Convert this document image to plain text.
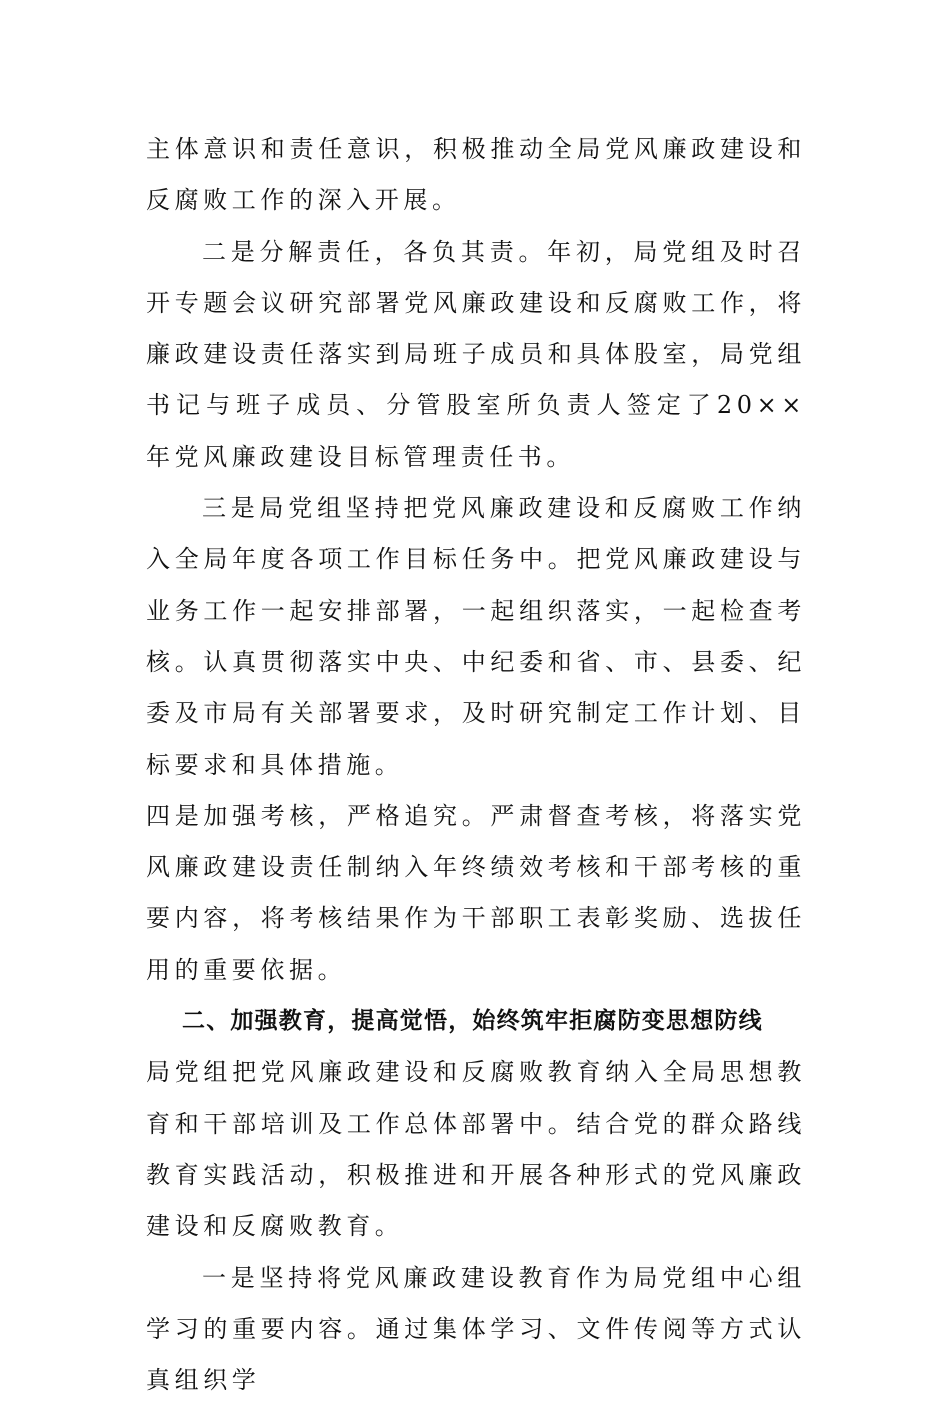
主体意识和责任意识，积极推动全局党风廉政建设和反腐败工作的深入开展。

二是分解责任，各负其责。年初，局党组及时召开专题会议研究部署党风廉政建设和反腐败工作，将廉政建设责任落实到局班子成员和具体股室，局党组书记与班子成员、分管股室所负责人签定了20××年党风廉政建设目标管理责任书。

三是局党组坚持把党风廉政建设和反腐败工作纳入全局年度各项工作目标任务中。把党风廉政建设与业务工作一起安排部署，一起组织落实，一起检查考核。认真贯彻落实中央、中纪委和省、市、县委、纪委及市局有关部署要求，及时研究制定工作计划、目标要求和具体措施。

四是加强考核，严格追究。严肃督查考核，将落实党风廉政建设责任制纳入年终绩效考核和干部考核的重要内容，将考核结果作为干部职工表彰奖励、选拔任用的重要依据。

二、加强教育，提高觉悟，始终筑牢拒腐防变思想防线

局党组把党风廉政建设和反腐败教育纳入全局思想教育和干部培训及工作总体部署中。结合党的群众路线教育实践活动，积极推进和开展各种形式的党风廉政建设和反腐败教育。

一是坚持将党风廉政建设教育作为局党组中心组学习的重要内容。通过集体学习、文件传阅等方式认真组织学
